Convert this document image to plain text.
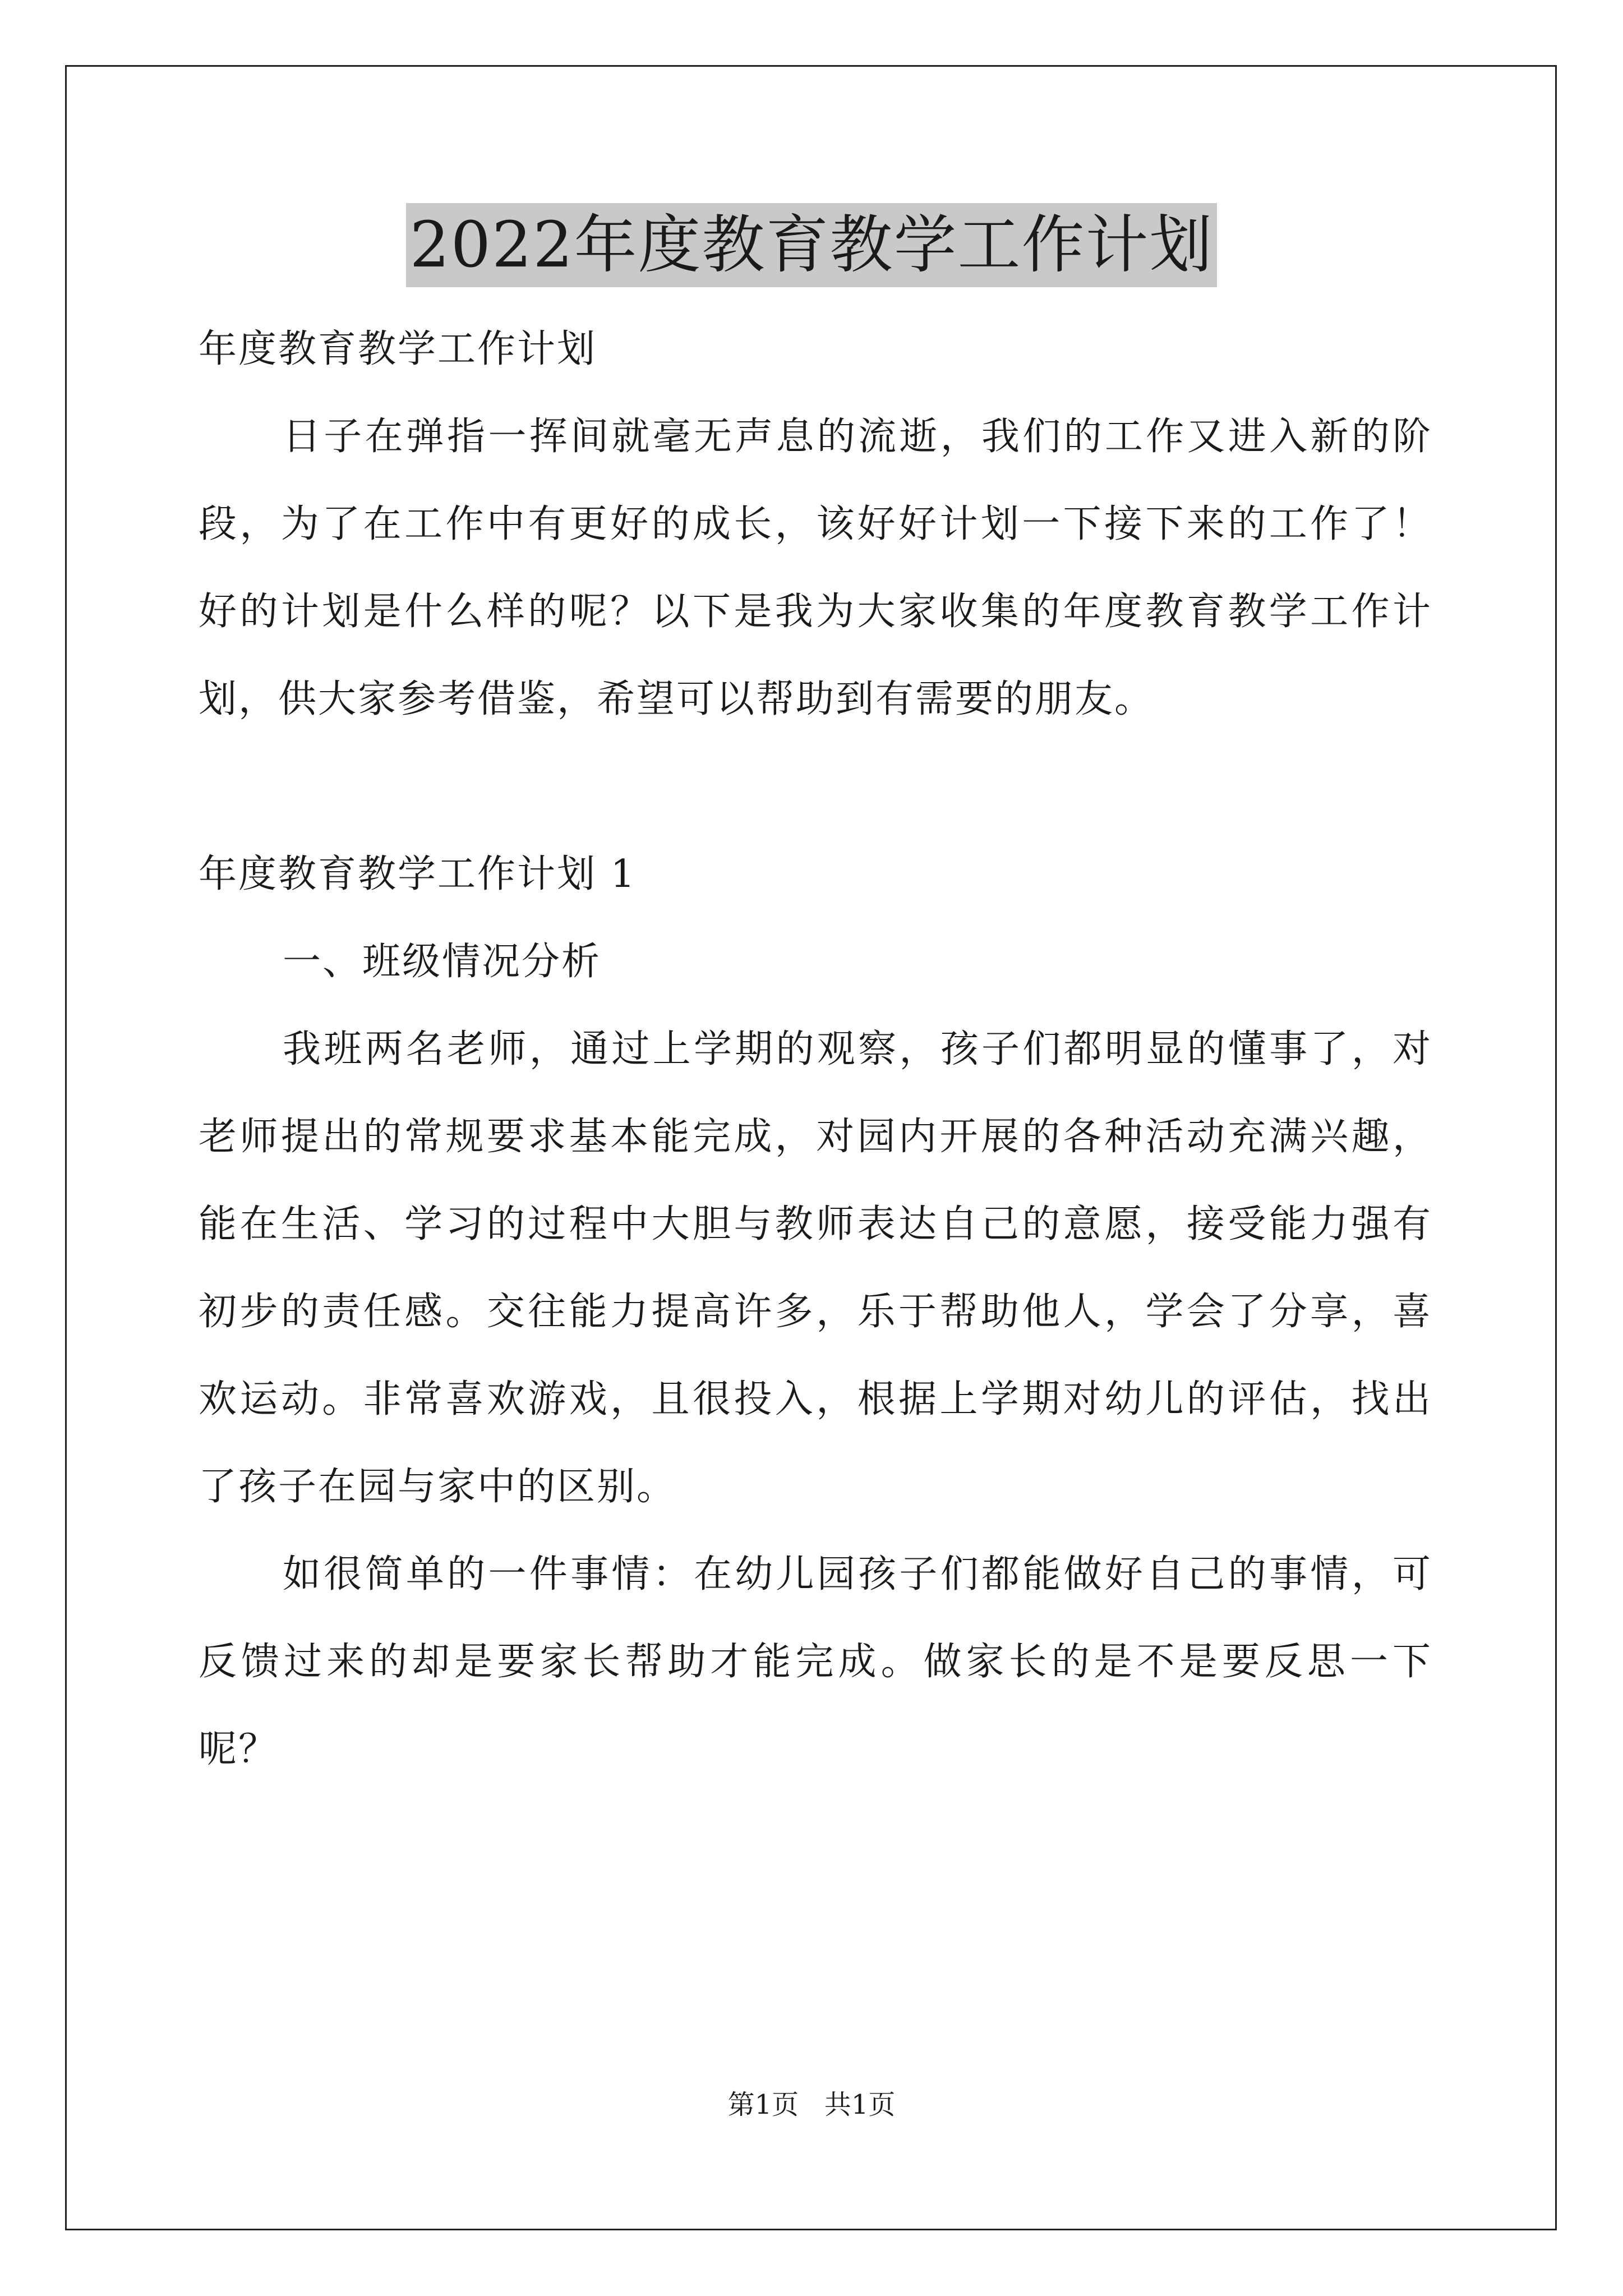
2022年度教育教学工作计划

年度教育教学工作计划

日子在弹指一挥间就毫无声息的流逝，我们的工作又进入新的阶段，为了在工作中有更好的成长，该好好计划一下接下来的工作了！好的计划是什么样的呢？以下是我为大家收集的年度教育教学工作计划，供大家参考借鉴，希望可以帮助到有需要的朋友。

年度教育教学工作计划 1

一、班级情况分析

我班两名老师，通过上学期的观察，孩子们都明显的懂事了，对老师提出的常规要求基本能完成，对园内开展的各种活动充满兴趣，能在生活、学习的过程中大胆与教师表达自己的意愿，接受能力强有初步的责任感。交往能力提高许多，乐于帮助他人，学会了分享，喜欢运动。非常喜欢游戏，且很投入，根据上学期对幼儿的评估，找出了孩子在园与家中的区别。

如很简单的一件事情：在幼儿园孩子们都能做好自己的事情，可反馈过来的却是要家长帮助才能完成。做家长的是不是要反思一下呢？

第1页   共1页
